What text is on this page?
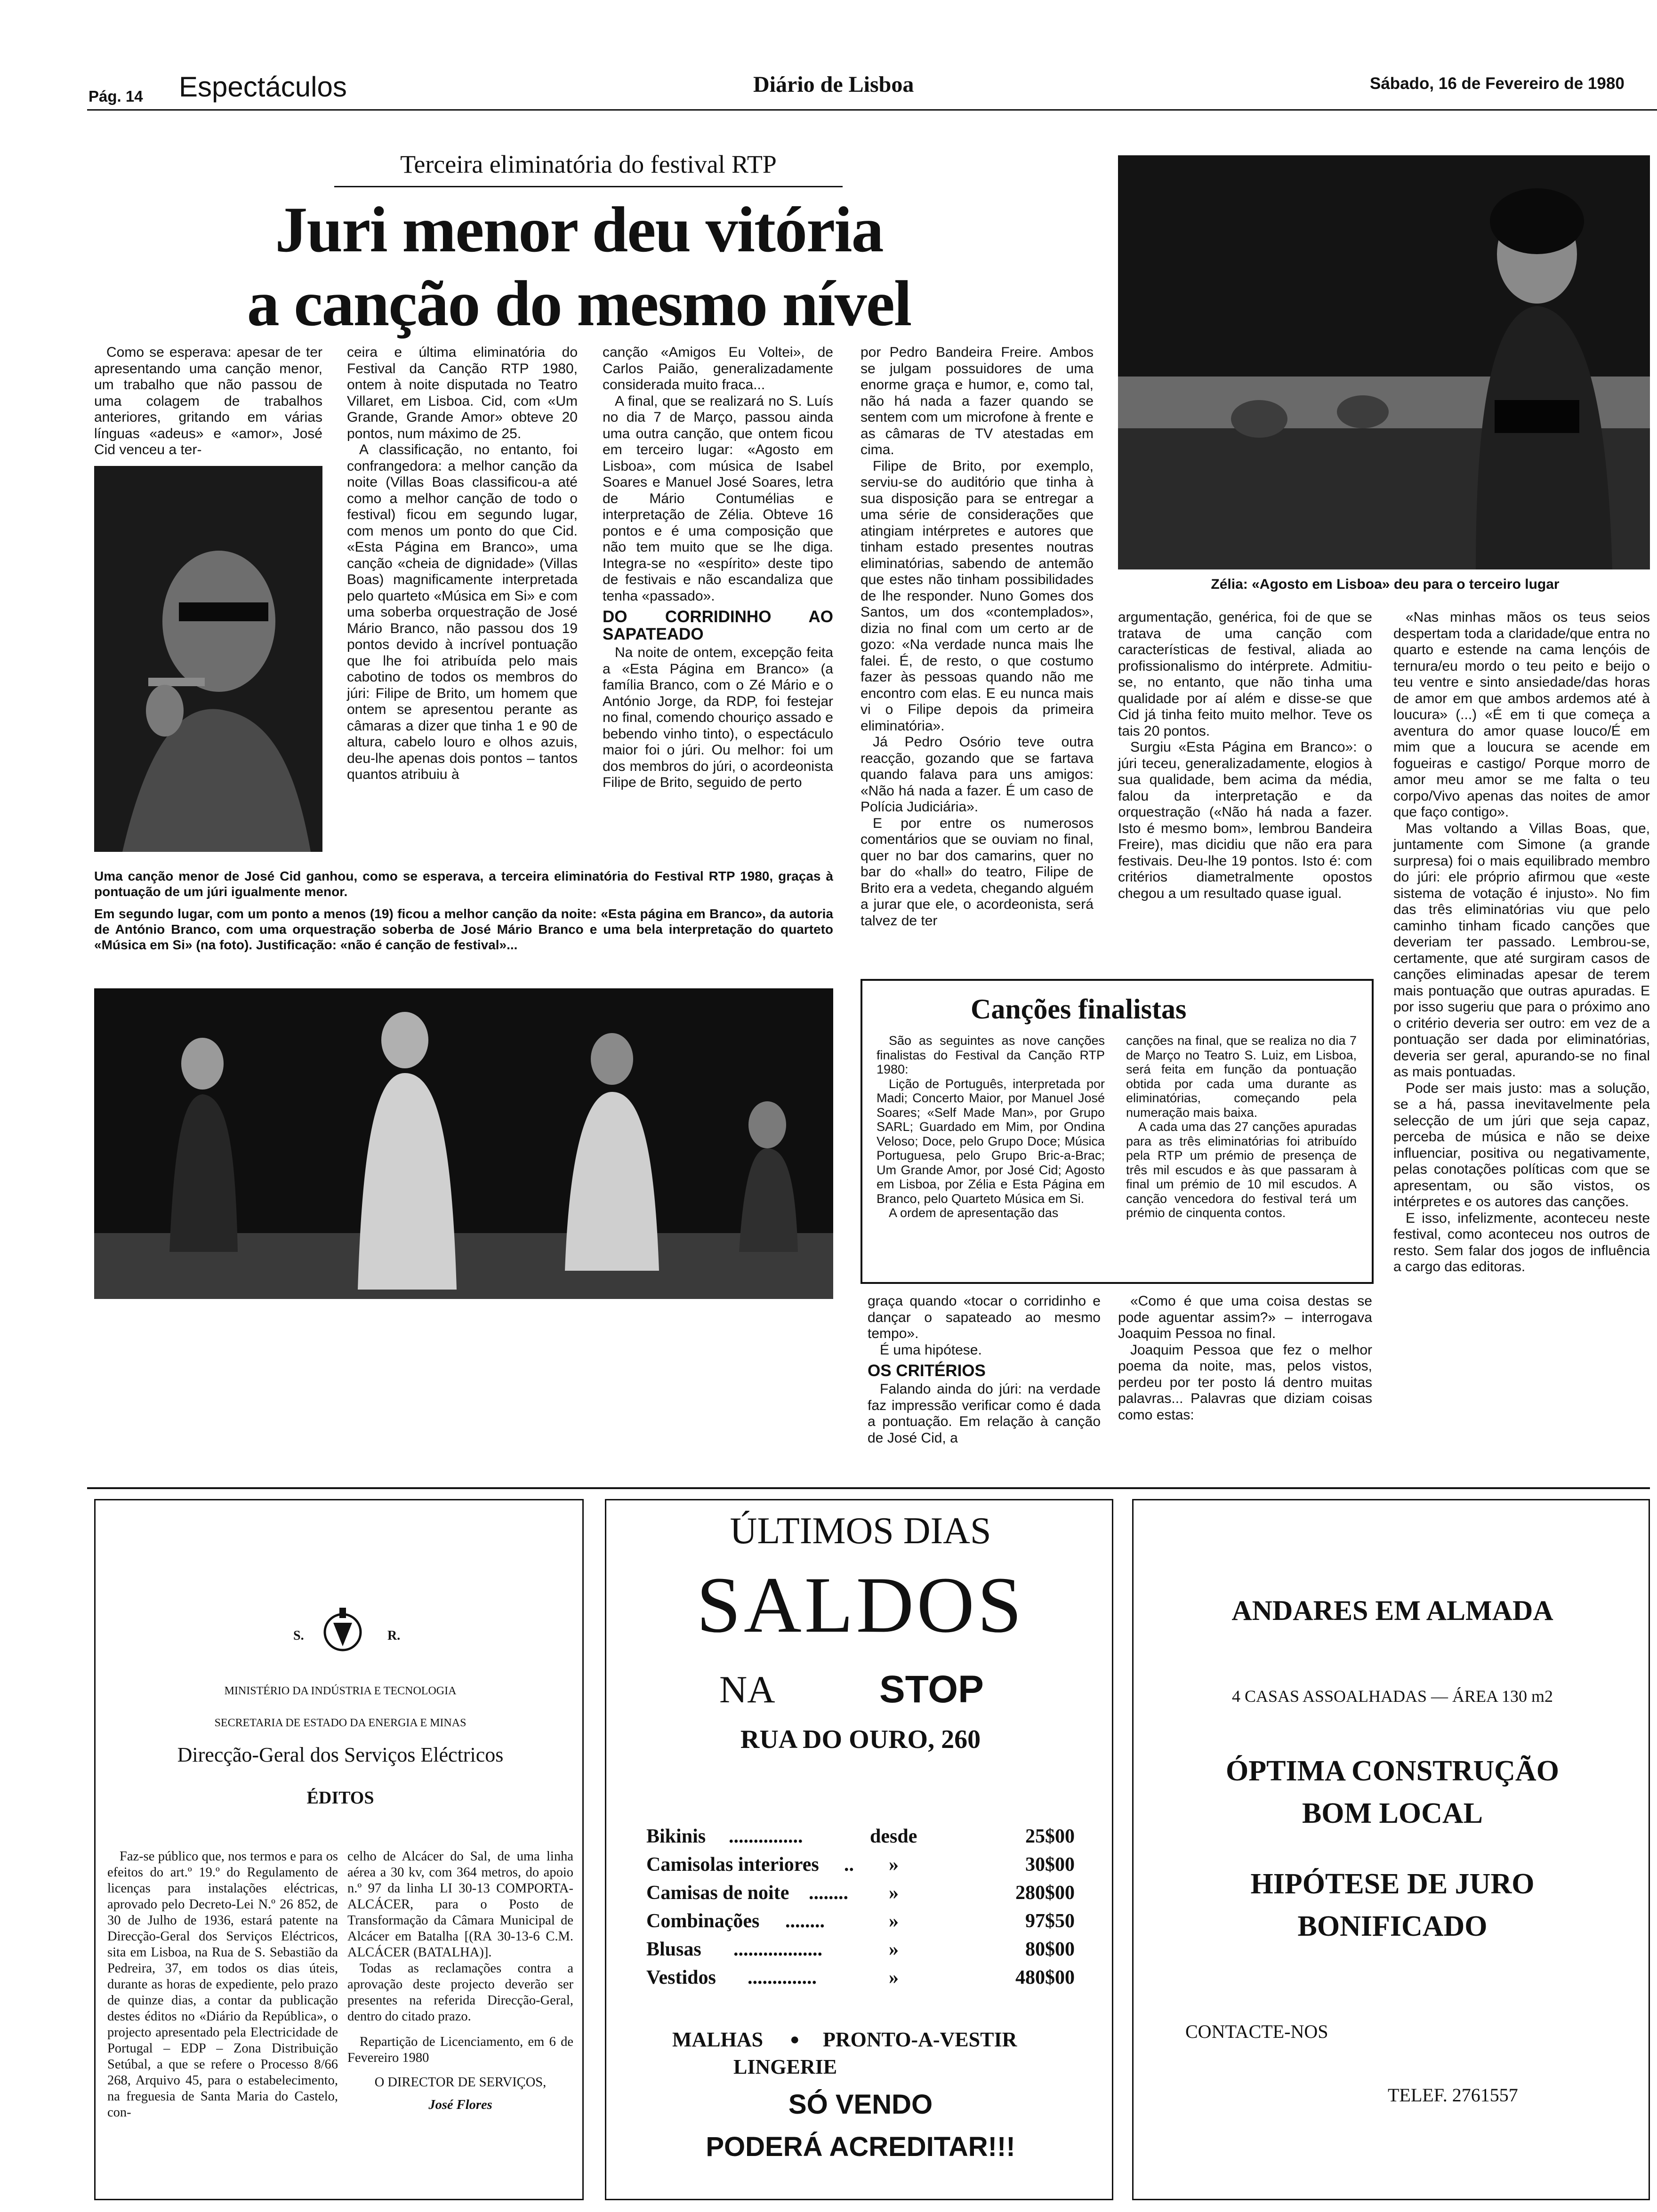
Pág. 14 Espectáculos	Diário de Lisboa	Sábado, 16 de Fevereiro de 1980
Terceira eliminatória do festival RTP
Juri menor deu vitória
a canção do mesmo nível

Como se esperava: apesar de ter apresentando uma canção menor, um trabalho que não passou de uma colagem de trabalhos anteriores, gritando em várias línguas «adeus» e «amor», José Cid venceu a ter-

ceira e última eliminatória do Festival da Canção RTP 1980, ontem à noite disputada no Teatro Villaret, em Lisboa. Cid, com «Um Grande, Grande Amor» obteve 20 pontos, num máximo de 25.

A classificação, no entanto, foi confrangedora: a melhor canção da noite (Villas Boas classificou-a até como a melhor canção de todo o festival) ficou em segundo lugar, com menos um ponto do que Cid. «Esta Página em Branco», uma canção «cheia de dignidade» (Villas Boas) magnificamente interpretada pelo quarteto «Música em Si» e com uma soberba orquestração de José Mário Branco, não passou dos 19 pontos devido à incrível pontuação que lhe foi atribuída pelo mais cabotino de todos os membros do júri: Filipe de Brito, um homem que ontem se apresentou perante as câmaras a dizer que tinha 1 e 90 de altura, cabelo louro e olhos azuis, deu-lhe apenas dois pontos – tantos quantos atribuiu à

canção «Amigos Eu Voltei», de Carlos Paião, generalizadamente considerada muito fraca...

A final, que se realizará no S. Luís no dia 7 de Março, passou ainda uma outra canção, que ontem ficou em terceiro lugar: «Agosto em Lisboa», com música de Isabel Soares e Manuel José Soares, letra de Mário Contumélias e interpretação de Zélia. Obteve 16 pontos e é uma composição que não tem muito que se lhe diga. Integra-se no «espírito» deste tipo de festivais e não escandaliza que tenha «passado».

DO CORRIDINHO AO SAPATEADO

Na noite de ontem, excepção feita a «Esta Página em Branco» (a família Branco, com o Zé Mário e o António Jorge, da RDP, foi festejar no final, comendo chouriço assado e bebendo vinho tinto), o espectáculo maior foi o júri. Ou melhor: foi um dos membros do júri, o acordeonista Filipe de Brito, seguido de perto

por Pedro Bandeira Freire. Ambos se julgam possuidores de uma enorme graça e humor, e, como tal, não há nada a fazer quando se sentem com um microfone à frente e as câmaras de TV atestadas em cima.

Filipe de Brito, por exemplo, serviu-se do auditório que tinha à sua disposição para se entregar a uma série de considerações que atingiam intérpretes e autores que tinham estado presentes noutras eliminatórias, sabendo de antemão que estes não tinham possibilidades de lhe responder. Nuno Gomes dos Santos, um dos «contemplados», dizia no final com um certo ar de gozo: «Na verdade nunca mais lhe falei. É, de resto, o que costumo fazer às pessoas quando não me encontro com elas. E eu nunca mais vi o Filipe depois da primeira eliminatória».

Já Pedro Osório teve outra reacção, gozando que se fartava quando falava para uns amigos: «Não há nada a fazer. É um caso de Polícia Judiciária».

E por entre os numerosos comentários que se ouviam no final, quer no bar dos camarins, quer no bar do «hall» do teatro, Filipe de Brito era a vedeta, chegando alguém a jurar que ele, o acordeonista, será talvez de ter

Zélia: «Agosto em Lisboa» deu para o terceiro lugar
Uma canção menor de José Cid ganhou, como se esperava, a terceira eliminatória do Festival RTP 1980, graças à pontuação de um júri igualmente menor.
Em segundo lugar, com um ponto a menos (19) ficou a melhor canção da noite: «Esta página em Branco», da autoria de António Branco, com uma orquestração soberba de José Mário Branco e uma bela interpretação do quarteto «Música em Si» (na foto). Justificação: «não é canção de festival»...

argumentação, genérica, foi de que se tratava de uma canção com características de festival, aliada ao profissionalismo do intérprete. Admitiu-se, no entanto, que não tinha uma qualidade por aí além e disse-se que Cid já tinha feito muito melhor. Teve os tais 20 pontos.

Surgiu «Esta Página em Branco»: o júri teceu, generalizadamente, elogios à sua qualidade, bem acima da média, falou da interpretação e da orquestração («Não há nada a fazer. Isto é mesmo bom», lembrou Bandeira Freire), mas dicidiu que não era para festivais. Deu-lhe 19 pontos. Isto é: com critérios diametralmente opostos chegou a um resultado quase igual.

«Nas minhas mãos os teus seios despertam toda a claridade/que entra no quarto e estende na cama lençóis de ternura/eu mordo o teu peito e beijo o teu ventre e sinto ansiedade/das horas de amor em que ambos ardemos até à loucura» (...) «É em ti que começa a aventura do amor quase louco/É em mim que a loucura se acende em fogueiras e castigo/ Porque morro de amor meu amor se me falta o teu corpo/Vivo apenas das noites de amor que faço contigo».

Mas voltando a Villas Boas, que, juntamente com Simone (a grande surpresa) foi o mais equilibrado membro do júri: ele próprio afirmou que «este sistema de votação é injusto». No fim das três eliminatórias viu que pelo caminho tinham ficado canções que deveriam ter passado. Lembrou-se, certamente, que até surgiram casos de canções eliminadas apesar de terem mais pontuação que outras apuradas. E por isso sugeriu que para o próximo ano o critério deveria ser outro: em vez de a pontuação ser dada por eliminatórias, deveria ser geral, apurando-se no final as mais pontuadas.

Pode ser mais justo: mas a solução, se a há, passa inevitavelmente pela selecção de um júri que seja capaz, perceba de música e não se deixe influenciar, positiva ou negativamente, pelas conotações políticas com que se apresentam, ou são vistos, os intérpretes e os autores das canções.

E isso, infelizmente, aconteceu neste festival, como aconteceu nos outros de resto. Sem falar dos jogos de influência a cargo das editoras.

Canções finalistas

São as seguintes as nove canções finalistas do Festival da Canção RTP 1980:

Lição de Português, interpretada por Madi; Concerto Maior, por Manuel José Soares; «Self Made Man», por Grupo SARL; Guardado em Mim, por Ondina Veloso; Doce, pelo Grupo Doce; Música Portuguesa, pelo Grupo Bric-a-Brac; Um Grande Amor, por José Cid; Agosto em Lisboa, por Zélia e Esta Página em Branco, pelo Quarteto Música em Si.

A ordem de apresentação das

canções na final, que se realiza no dia 7 de Março no Teatro S. Luiz, em Lisboa, será feita em função da pontuação obtida por cada uma durante as eliminatórias, começando pela numeração mais baixa.

A cada uma das 27 canções apuradas para as três eliminatórias foi atribuído pela RTP um prémio de presença de três mil escudos e às que passaram à final um prémio de 10 mil escudos. A canção vencedora do festival terá um prémio de cinquenta contos.

graça quando «tocar o corridinho e dançar o sapateado ao mesmo tempo».

É uma hipótese.

OS CRITÉRIOS

Falando ainda do júri: na verdade faz impressão verificar como é dada a pontuação. Em relação à canção de José Cid, a

«Como é que uma coisa destas se pode aguentar assim?» – interrogava Joaquim Pessoa no final.

Joaquim Pessoa que fez o melhor poema da noite, mas, pelos vistos, perdeu por ter posto lá dentro muitas palavras... Palavras que diziam coisas como estas:

S.	R.
MINISTÉRIO DA INDÚSTRIA E TECNOLOGIA
SECRETARIA DE ESTADO DA ENERGIA E MINAS
Direcção-Geral dos Serviços Eléctricos
ÉDITOS

Faz-se público que, nos termos e para os efeitos do art.º 19.º do Regulamento de licenças para instalações eléctricas, aprovado pelo Decreto-Lei N.º 26 852, de 30 de Julho de 1936, estará patente na Direcção-Geral dos Serviços Eléctricos, sita em Lisboa, na Rua de S. Sebastião da Pedreira, 37, em todos os dias úteis, durante as horas de expediente, pelo prazo de quinze dias, a contar da publicação destes éditos no «Diário da República», o projecto apresentado pela Electricidade de Portugal – EDP – Zona Distribuição Setúbal, a que se refere o Processo 8/66 268, Arquivo 45, para o estabelecimento, na freguesia de Santa Maria do Castelo, con-

celho de Alcácer do Sal, de uma linha aérea a 30 kv, com 364 metros, do apoio n.º 97 da linha LI 30-13 COMPORTA-ALCÁCER, para o Posto de Transformação da Câmara Municipal de Alcácer em Batalha [(RA 30-13-6 C.M. ALCÁCER (BATALHA)].

Todas as reclamações contra a aprovação deste projecto deverão ser presentes na referida Direcção-Geral, dentro do citado prazo.

Repartição de Licenciamento, em 6 de Fevereiro 1980

O DIRECTOR DE SERVIÇOS,

José Flores

ÚLTIMOS DIAS
SALDOS
NA	STOP
RUA DO OURO, 260
Bikinis ...............	desde	25$00
Camisolas interiores .. »	30$00
Camisas de noite ........ »	280$00
Combinações ........	»	97$50
Blusas ..................	»	80$00
Vestidos ..............	»	480$00
MALHAS ● PRONTO-A-VESTIR
LINGERIE
SÓ VENDO
PODERÁ ACREDITAR!!!
ANDARES EM ALMADA
4 CASAS ASSOALHADAS — ÁREA 130 m2
ÓPTIMA CONSTRUÇÃO
BOM LOCAL
HIPÓTESE DE JURO
BONIFICADO
CONTACTE-NOS
TELEF. 2761557
